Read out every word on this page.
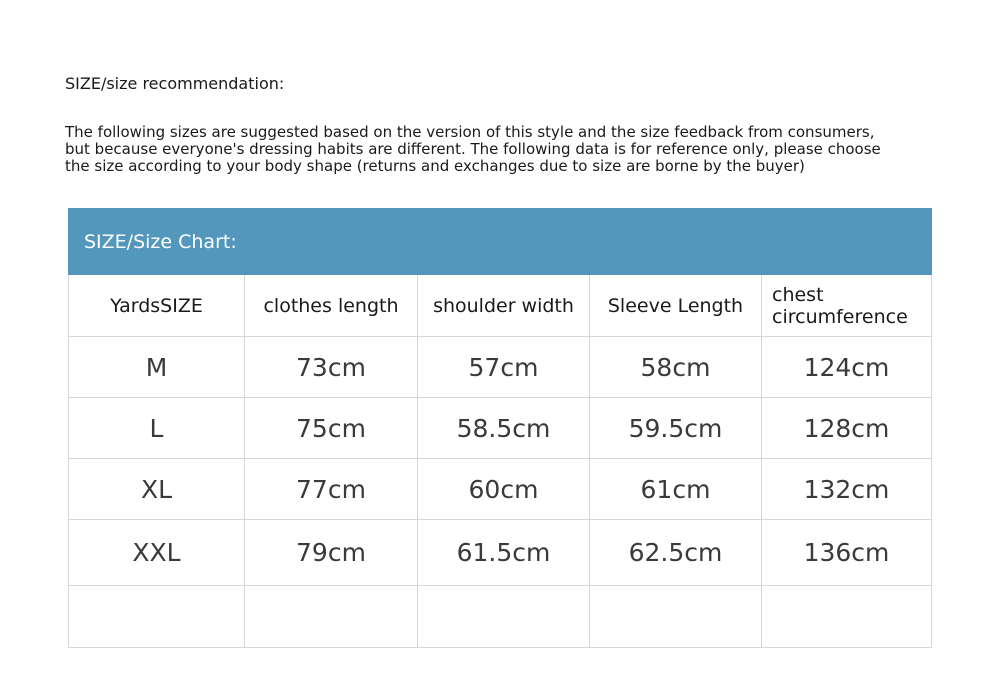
SIZE/size recommendation:
The following sizes are suggested based on the version of this style and the size feedback from consumers,
but because everyone's dressing habits are different. The following data is for reference only, please choose
the size according to your body shape (returns and exchanges due to size are borne by the buyer)
SIZE/Size Chart:
YardsSIZE	clothes length	shoulder width	Sleeve Length	chest
circumference
M	73cm	57cm	58cm	124cm
L	75cm	58.5cm	59.5cm	128cm
XL	77cm	60cm	61cm	132cm
XXL	79cm	61.5cm	62.5cm	136cm
